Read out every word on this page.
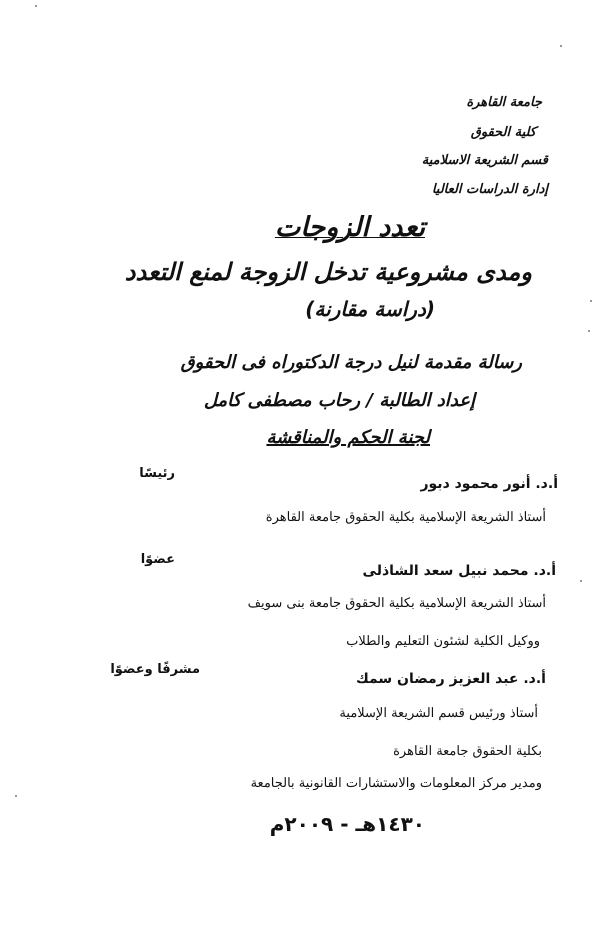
جامعة القاهرة
كلية الحقوق
قسم الشريعة الاسلامية
إدارة الدراسات العاليا
تعدد الزوجات
ومدى مشروعية تدخل الزوجة لمنع التعدد
(دراسة مقارنة)
رسالة مقدمة لنيل درجة الدكتوراه فى الحقوق
إعداد الطالبة / رحاب مصطفى كامل
لجنة الحكم والمناقشة
أ.د. أنور محمود دبور
رئيسًا
أستاذ الشريعة الإسلامية بكلية الحقوق جامعة القاهرة
أ.د. محمد نبيل سعد الشاذلى
عضوًا
أستاذ الشريعة الإسلامية بكلية الحقوق جامعة بنى سويف
ووكيل الكلية لشئون التعليم والطلاب
أ.د. عبد العزيز رمضان سمك
مشرفًا وعضوًا
أستاذ ورئيس قسم الشريعة الإسلامية
بكلية الحقوق جامعة القاهرة
ومدير مركز المعلومات والاستشارات القانونية بالجامعة
١٤٣٠هـ - ٢٠٠٩م
